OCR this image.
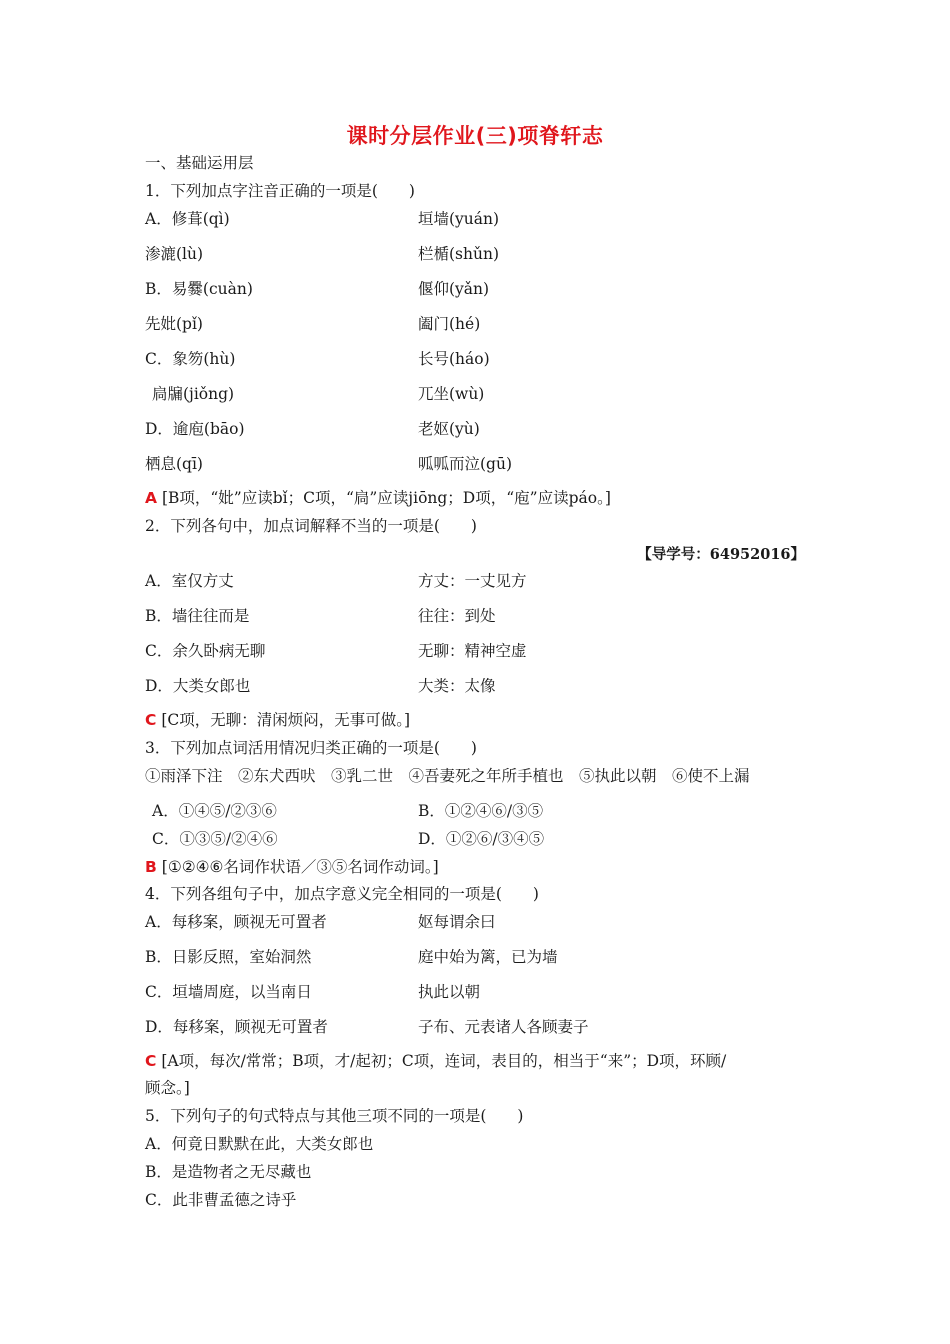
课时分层作业(三)项脊轩志
一、基础运用层
1．下列加点字注音正确的一项是(　　)
A．修葺(qì)	垣墙(yuán)
渗漉(lù)	栏楯(shǔn)
B．易爨(cuàn)	偃仰(yǎn)
先妣(pǐ)	阖门(hé)
C．象笏(hù)	长号(háo)
扃牖(jiǒng)	兀坐(wù)
D．逾庖(bāo)	老妪(yù)
栖息(qī)	呱呱而泣(gū)
A [B项，“妣”应读bǐ；C项，“扃”应读jiōng；D项，“庖”应读páo。]
2．下列各句中，加点词解释不当的一项是(　　)
【导学号：64952016】
A．室仅方丈	方丈：一丈见方
B．墙往往而是	往往：到处
C．余久卧病无聊	无聊：精神空虚
D．大类女郎也	大类：太像
C [C项，无聊：清闲烦闷，无事可做。]
3．下列加点词活用情况归类正确的一项是(　　)
①雨泽下注　②东犬西吠　③乳二世　④吾妻死之年所手植也　⑤执此以朝　⑥使不上漏
A．①④⑤/②③⑥	B．①②④⑥/③⑤
C．①③⑤/②④⑥	D．①②⑥/③④⑤
B [①②④⑥名词作状语／③⑤名词作动词。]
4．下列各组句子中，加点字意义完全相同的一项是(　　)
A．每移案，顾视无可置者	妪每谓余曰
B．日影反照，室始洞然	庭中始为篱，已为墙
C．垣墙周庭，以当南日	执此以朝
D．每移案，顾视无可置者	子布、元表诸人各顾妻子
C [A项，每次/常常；B项，才/起初；C项，连词，表目的，相当于“来”；D项，环顾/
顾念。]
5．下列句子的句式特点与其他三项不同的一项是(　　)
A．何竟日默默在此，大类女郎也
B．是造物者之无尽藏也
C．此非曹孟德之诗乎
